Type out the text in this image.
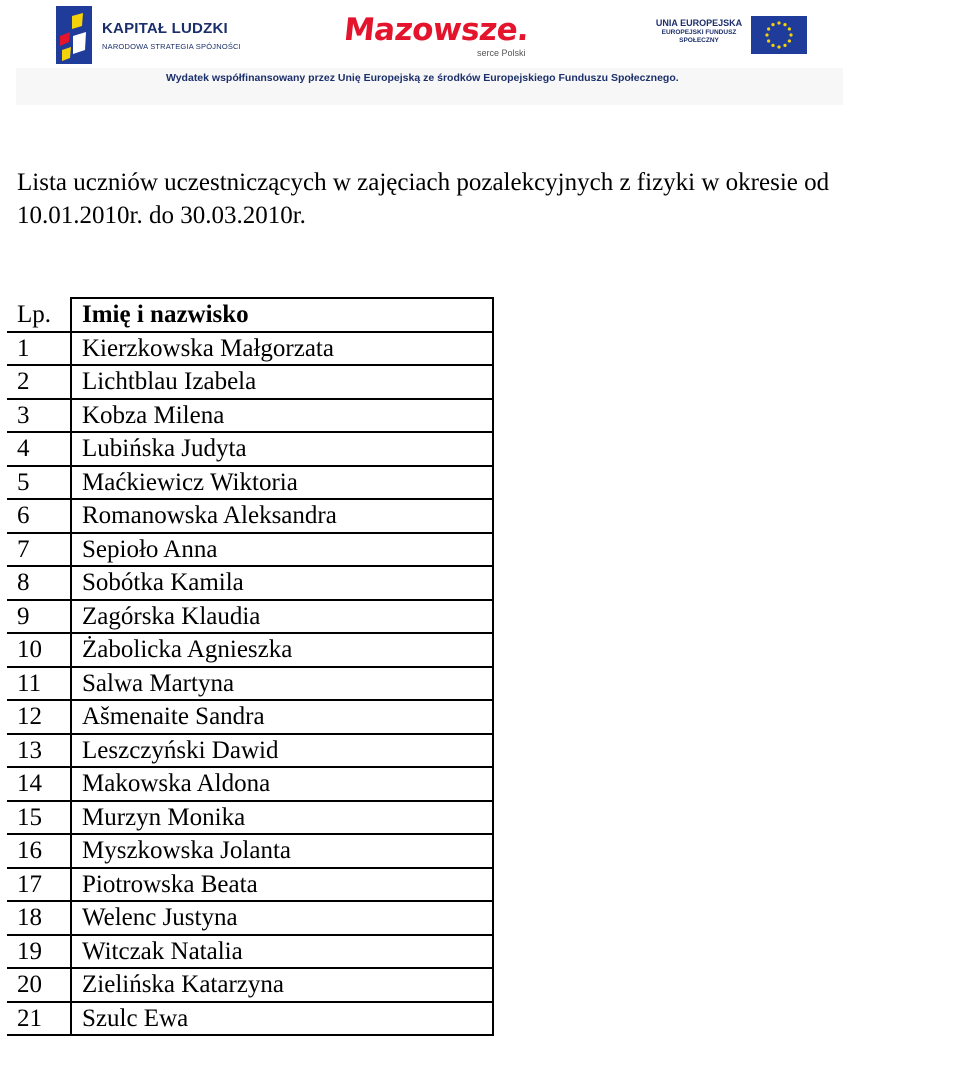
KAPITAŁ LUDZKI
NARODOWA STRATEGIA SPÓJNOŚCI	Mazowsze.
serce Polski
UNIA EUROPEJSKA
EUROPEJSKI FUNDUSZ SPOŁECZNY
Wydatek współfinansowany przez Unię Europejską ze środków Europejskiego Funduszu Społecznego.
Lista uczniów uczestniczących w zajęciach pozalekcyjnych z fizyki w okresie od 10.01.2010r. do 30.03.2010r.
Lp.	Imię i nazwisko
1	Kierzkowska Małgorzata
2	Lichtblau Izabela
3	Kobza Milena
4	Lubińska Judyta
5	Maćkiewicz Wiktoria
6	Romanowska Aleksandra
7	Sepioło Anna
8	Sobótka Kamila
9	Zagórska Klaudia
10	Żabolicka Agnieszka
11	Salwa Martyna
12	Ašmenaite Sandra
13	Leszczyński Dawid
14	Makowska Aldona
15	Murzyn Monika
16	Myszkowska Jolanta
17	Piotrowska Beata
18	Welenc Justyna
19	Witczak Natalia
20	Zielińska Katarzyna
21	Szulc Ewa
